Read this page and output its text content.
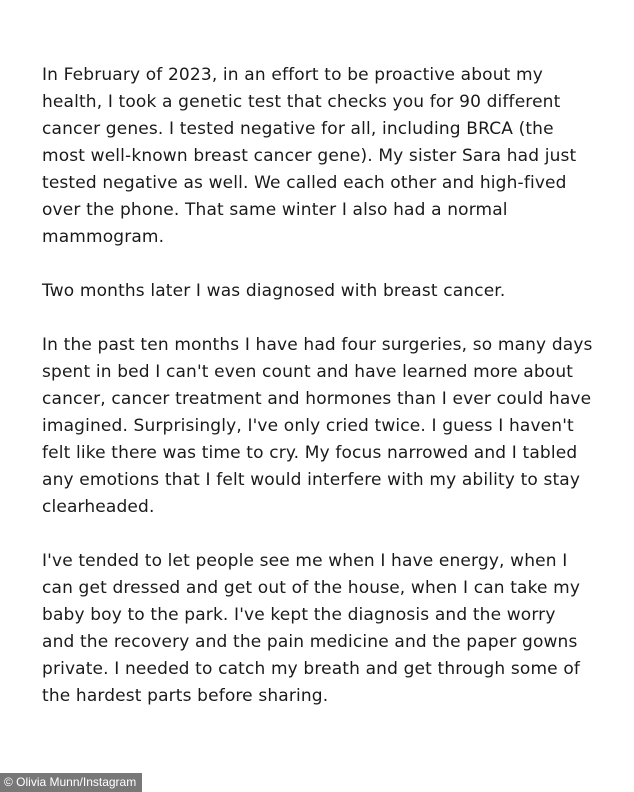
In February of 2023, in an effort to be proactive about my
health, I took a genetic test that checks you for 90 different
cancer genes. I tested negative for all, including BRCA (the
most well-known breast cancer gene). My sister Sara had just
tested negative as well. We called each other and high-fived
over the phone. That same winter I also had a normal
mammogram.

Two months later I was diagnosed with breast cancer.

In the past ten months I have had four surgeries, so many days
spent in bed I can't even count and have learned more about
cancer, cancer treatment and hormones than I ever could have
imagined. Surprisingly, I've only cried twice. I guess I haven't
felt like there was time to cry. My focus narrowed and I tabled
any emotions that I felt would interfere with my ability to stay
clearheaded.

I've tended to let people see me when I have energy, when I
can get dressed and get out of the house, when I can take my
baby boy to the park. I've kept the diagnosis and the worry
and the recovery and the pain medicine and the paper gowns
private. I needed to catch my breath and get through some of
the hardest parts before sharing.

© Olivia Munn/Instagram
